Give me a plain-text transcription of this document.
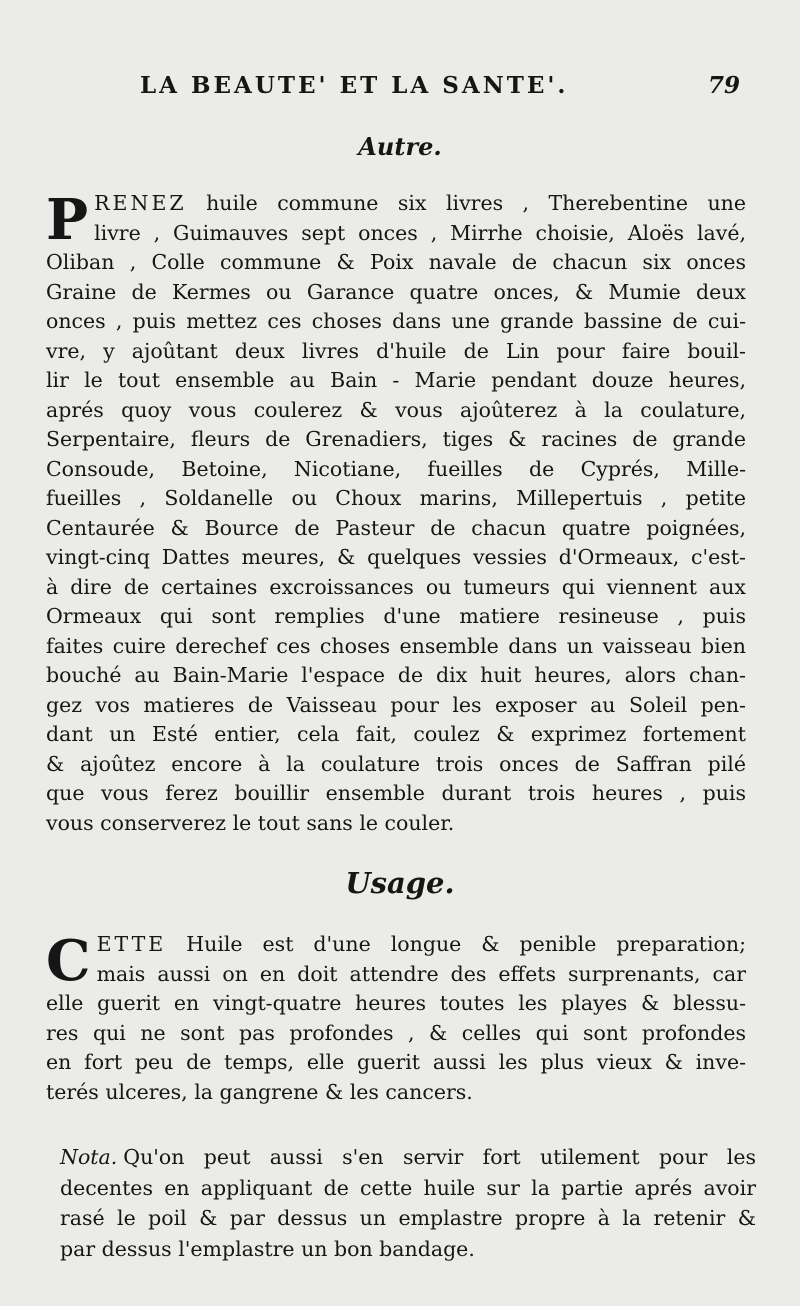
LA BEAUTE' ET LA SANTE'.	79
Autre.
P RENEZ huile commune six livres , Therebentine une
livre , Guimauves sept onces , Mirrhe choisie, Aloës lavé,
Oliban , Colle commune & Poix navale de chacun six onces
Graine de Kermes ou Garance quatre onces, & Mumie deux
onces , puis mettez ces choses dans une grande bassine de cui-
vre, y ajoûtant deux livres d'huile de Lin pour faire bouil-
lir le tout ensemble au Bain - Marie pendant douze heures,
aprés quoy vous coulerez & vous ajoûterez à la coulature,
Serpentaire, fleurs de Grenadiers, tiges & racines de grande
Consoude, Betoine, Nicotiane, fueilles de Cyprés, Mille-
fueilles , Soldanelle ou Choux marins, Millepertuis , petite
Centaurée & Bource de Pasteur de chacun quatre poignées,
vingt-cinq Dattes meures, & quelques vessies d'Ormeaux, c'est-
à dire de certaines excroissances ou tumeurs qui viennent aux
Ormeaux qui sont remplies d'une matiere resineuse , puis
faites cuire derechef ces choses ensemble dans un vaisseau bien
bouché au Bain-Marie l'espace de dix huit heures, alors chan-
gez vos matieres de Vaisseau pour les exposer au Soleil pen-
dant un Esté entier, cela fait, coulez & exprimez fortement
& ajoûtez encore à la coulature trois onces de Saffran pilé
que vous ferez bouillir ensemble durant trois heures , puis
vous conserverez le tout sans le couler.
Usage.
C ETTE Huile est d'une longue & penible preparation;
mais aussi on en doit attendre des effets surprenants, car
elle guerit en vingt-quatre heures toutes les playes & blessu-
res qui ne sont pas profondes , & celles qui sont profondes
en fort peu de temps, elle guerit aussi les plus vieux & inve-
terés ulceres, la gangrene & les cancers.
Nota. Qu'on peut aussi s'en servir fort utilement pour les
decentes en appliquant de cette huile sur la partie aprés avoir
rasé le poil & par dessus un emplastre propre à la retenir &
par dessus l'emplastre un bon bandage.
